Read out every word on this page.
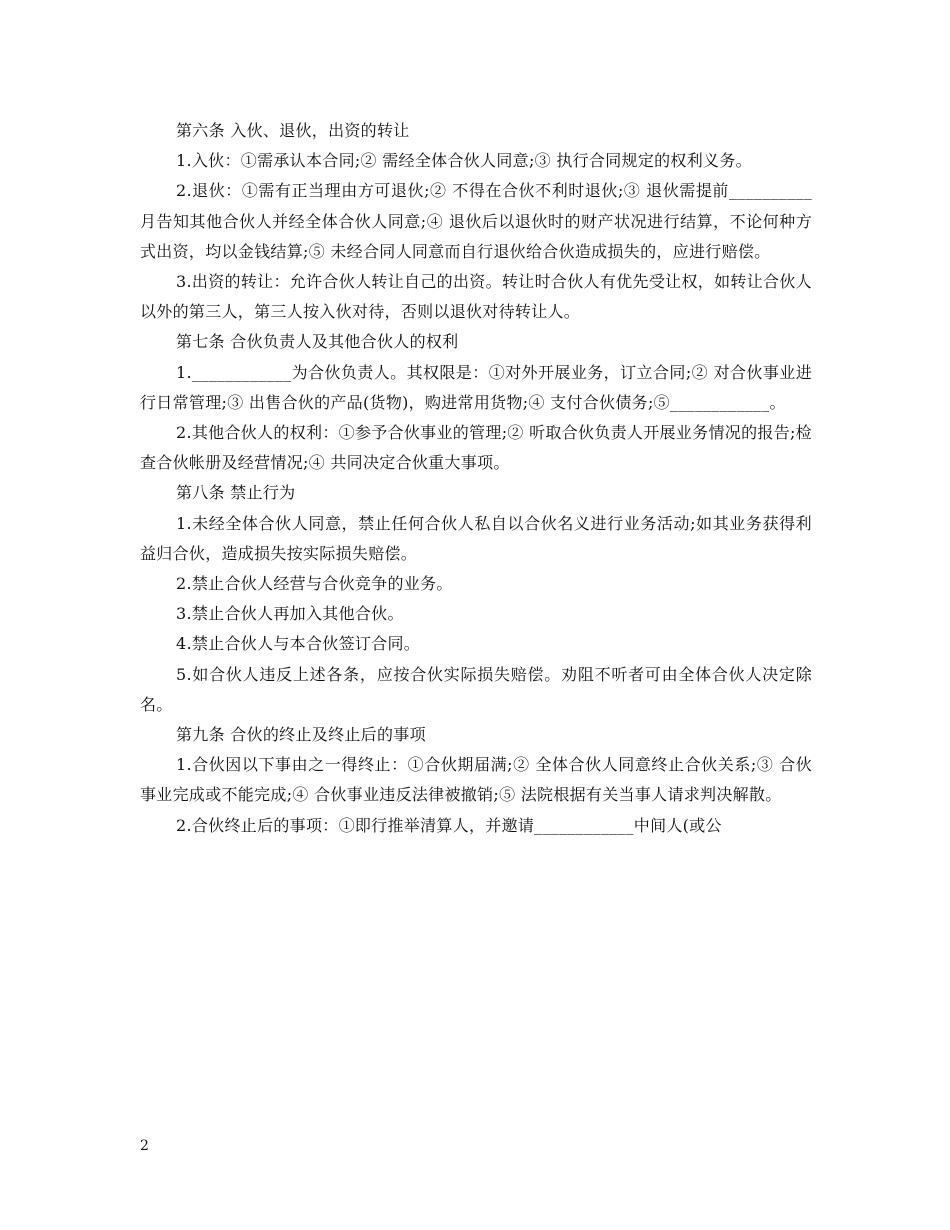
第六条 入伙、退伙，出资的转让

1.入伙：①需承认本合同;② 需经全体合伙人同意;③ 执行合同规定的权利义务。

2.退伙：①需有正当理由方可退伙;② 不得在合伙不利时退伙;③ 退伙需提前__________月告知其他合伙人并经全体合伙人同意;④ 退伙后以退伙时的财产状况进行结算，不论何种方式出资，均以金钱结算;⑤ 未经合同人同意而自行退伙给合伙造成损失的，应进行赔偿。

3.出资的转让：允许合伙人转让自己的出资。转让时合伙人有优先受让权，如转让合伙人以外的第三人，第三人按入伙对待，否则以退伙对待转让人。

第七条 合伙负责人及其他合伙人的权利

1.____________为合伙负责人。其权限是：①对外开展业务，订立合同;② 对合伙事业进行日常管理;③ 出售合伙的产品(货物)，购进常用货物;④ 支付合伙债务;⑤____________。

2.其他合伙人的权利：①参予合伙事业的管理;② 听取合伙负责人开展业务情况的报告;检查合伙帐册及经营情况;④ 共同决定合伙重大事项。

第八条 禁止行为

1.未经全体合伙人同意，禁止任何合伙人私自以合伙名义进行业务活动;如其业务获得利益归合伙，造成损失按实际损失赔偿。

2.禁止合伙人经营与合伙竞争的业务。

3.禁止合伙人再加入其他合伙。

4.禁止合伙人与本合伙签订合同。

5.如合伙人违反上述各条，应按合伙实际损失赔偿。劝阻不听者可由全体合伙人决定除名。

第九条 合伙的终止及终止后的事项

1.合伙因以下事由之一得终止：①合伙期届满;② 全体合伙人同意终止合伙关系;③ 合伙事业完成或不能完成;④ 合伙事业违反法律被撤销;⑤ 法院根据有关当事人请求判决解散。

2.合伙终止后的事项：①即行推举清算人，并邀请____________中间人(或公

2
